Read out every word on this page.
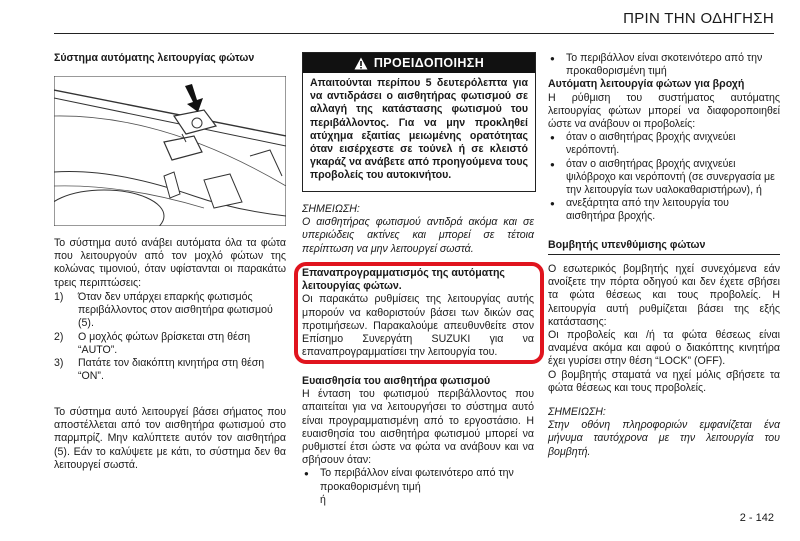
ΠΡΙΝ ΤΗΝ ΟΔΗΓΗΣΗ
Σύστημα αυτόματης λειτουργίας φώτων
Το σύστημα αυτό ανάβει αυτόματα όλα τα φώτα που λειτουργούν από τον μοχλό φώτων της κολώνας τιμονιού, όταν υφίστανται οι παρακάτω τρεις περιπτώσεις:
1) Όταν δεν υπάρχει επαρκής φωτισμός περιβάλλοντος στον αισθητήρα φωτισμού (5).
2) Ο μοχλός φώτων βρίσκεται στη θέση “AUTO”.
3) Πατάτε τον διακόπτη κινητήρα στη θέση “ON”.
Το σύστημα αυτό λειτουργεί βάσει σήματος που αποστέλλεται από τον αισθητήρα φωτισμού στο παρμπρίζ. Μην καλύπτετε αυτόν τον αισθητήρα (5). Εάν το καλύψετε με κάτι, το σύστημα δεν θα λειτουργεί σωστά.
ΠΡΟΕΙΔΟΠΟΙΗΣΗ
Απαιτούνται περίπου 5 δευτερόλεπτα για να αντιδράσει ο αισθητήρας φωτισμού σε αλλαγή της κατάστασης φωτισμού του περιβάλλοντος. Για να μην προκληθεί ατύχημα εξαιτίας μειωμένης ορατότητας όταν εισέρχεστε σε τούνελ ή σε κλειστό γκαράζ να ανάβετε από προηγούμενα τους προβολείς του αυτοκινήτου.
ΣΗΜΕΙΩΣΗ:
Ο αισθητήρας φωτισμού αντιδρά ακόμα και σε υπεριώδεις ακτίνες και μπορεί σε τέτοια περίπτωση να μην λειτουργεί σωστά.
Επαναπρογραμματισμός της αυτόματης λειτουργίας φώτων.
Οι παρακάτω ρυθμίσεις της λειτουργίας αυτής μπορούν να καθοριστούν βάσει των δικών σας προτιμήσεων. Παρακαλούμε απευθυνθείτε στον Επίσημο Συνεργάτη SUZUKI για να επαναπρογραμματίσει την λειτουργία του.
Ευαισθησία του αισθητήρα φωτισμού
Η ένταση του φωτισμού περιβάλλοντος που απαιτείται για να λειτουργήσει το σύστημα αυτό είναι προγραμματισμένη από το εργοστάσιο. Η ευαισθησία του αισθητήρα φωτισμού μπορεί να ρυθμιστεί έτσι ώστε να φώτα να ανάβουν και να σβήσουν όταν:
● Το περιβάλλον είναι φωτεινότερο από την προκαθορισμένη τιμή
ή
● Το περιβάλλον είναι σκοτεινότερο από την προκαθορισμένη τιμή
Αυτόματη λειτουργία φώτων για βροχή
Η ρύθμιση του συστήματος αυτόματης λειτουργίας φώτων μπορεί να διαφοροποιηθεί ώστε να ανάβουν οι προβολείς:
● όταν ο αισθητήρας βροχής ανιχνεύει νερόποντή.
● όταν ο αισθητήρας βροχής ανιχνεύει ψιλόβροχο και νερόποντή (σε συνεργασία με την λειτουργία των υαλοκαθαριστήρων), ή
● ανεξάρτητα από την λειτουργία του αισθητήρα βροχής.
Βομβητής υπενθύμισης φώτων
Ο εσωτερικός βομβητής ηχεί συνεχόμενα εάν ανοίξετε την πόρτα οδηγού και δεν έχετε σβήσει τα φώτα θέσεως και τους προβολείς. Η λειτουργία αυτή ρυθμίζεται βάσει της εξής κατάστασης:
Οι προβολείς και /ή τα φώτα θέσεως είναι αναμένα ακόμα και αφού ο διακόπτης κινητήρα έχει γυρίσει στην θέση “LOCK” (OFF).
Ο βομβητής σταματά να ηχεί μόλις σβήσετε τα φώτα θέσεως και τους προβολείς.
ΣΗΜΕΙΩΣΗ:
Στην οθόνη πληροφοριών εμφανίζεται ένα μήνυμα ταυτόχρονα με την λειτουργία του βομβητή.
2 - 142
